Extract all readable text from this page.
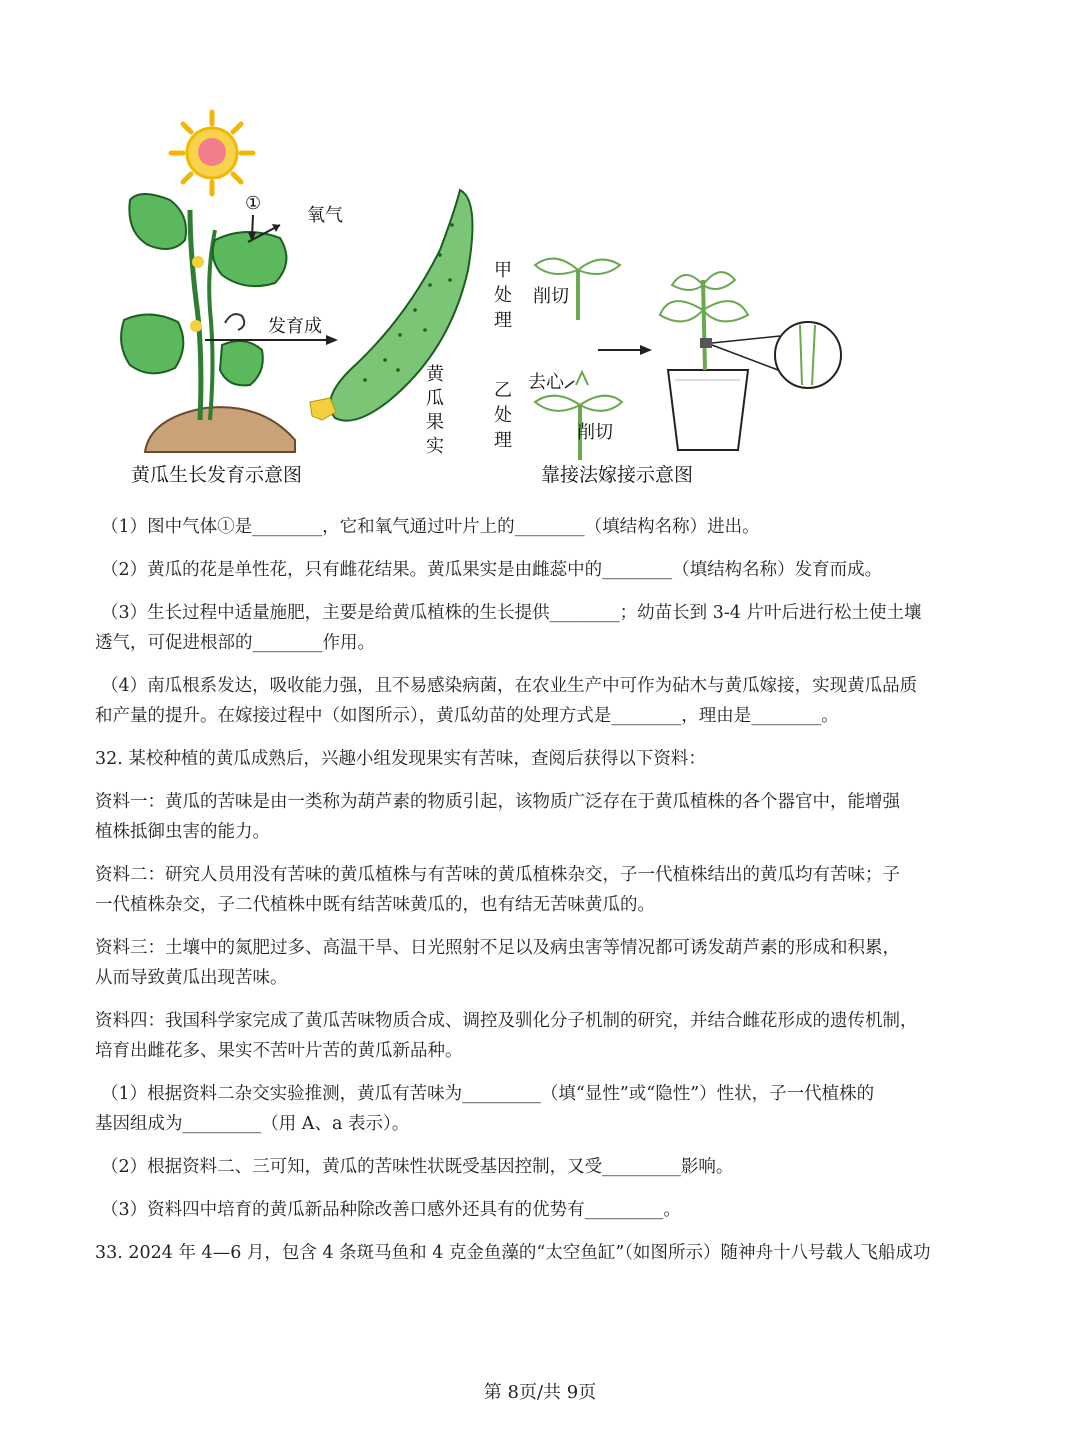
①
氧气
发育成
黄
瓜
果
实
甲
处
理
削切
乙
处
理
去心
削切
黄瓜生长发育示意图	靠接法嫁接示意图

（1）图中气体①是________，它和氧气通过叶片上的________（填结构名称）进出。

（2）黄瓜的花是单性花，只有雌花结果。黄瓜果实是由雌蕊中的________（填结构名称）发育而成。

（3）生长过程中适量施肥，主要是给黄瓜植株的生长提供________；幼苗长到 3-4 片叶后进行松土使土壤

透气，可促进根部的________作用。

（4）南瓜根系发达，吸收能力强，且不易感染病菌，在农业生产中可作为砧木与黄瓜嫁接，实现黄瓜品质

和产量的提升。在嫁接过程中（如图所示），黄瓜幼苗的处理方式是________，理由是________。

32. 某校种植的黄瓜成熟后，兴趣小组发现果实有苦味，查阅后获得以下资料：

资料一：黄瓜的苦味是由一类称为葫芦素的物质引起，该物质广泛存在于黄瓜植株的各个器官中，能增强

植株抵御虫害的能力。

资料二：研究人员用没有苦味的黄瓜植株与有苦味的黄瓜植株杂交，子一代植株结出的黄瓜均有苦味；子

一代植株杂交，子二代植株中既有结苦味黄瓜的，也有结无苦味黄瓜的。

资料三：土壤中的氮肥过多、高温干旱、日光照射不足以及病虫害等情况都可诱发葫芦素的形成和积累，

从而导致黄瓜出现苦味。

资料四：我国科学家完成了黄瓜苦味物质合成、调控及驯化分子机制的研究，并结合雌花形成的遗传机制，

培育出雌花多、果实不苦叶片苦的黄瓜新品种。

（1）根据资料二杂交实验推测，黄瓜有苦味为_________（填“显性”或“隐性”）性状，子一代植株的

基因组成为_________（用 A、a 表示）。

（2）根据资料二、三可知，黄瓜的苦味性状既受基因控制，又受_________影响。

（3）资料四中培育的黄瓜新品种除改善口感外还具有的优势有_________。

33. 2024 年 4—6 月，包含 4 条斑马鱼和 4 克金鱼藻的“太空鱼缸”（如图所示）随神舟十八号载人飞船成功

第 8页/共 9页
